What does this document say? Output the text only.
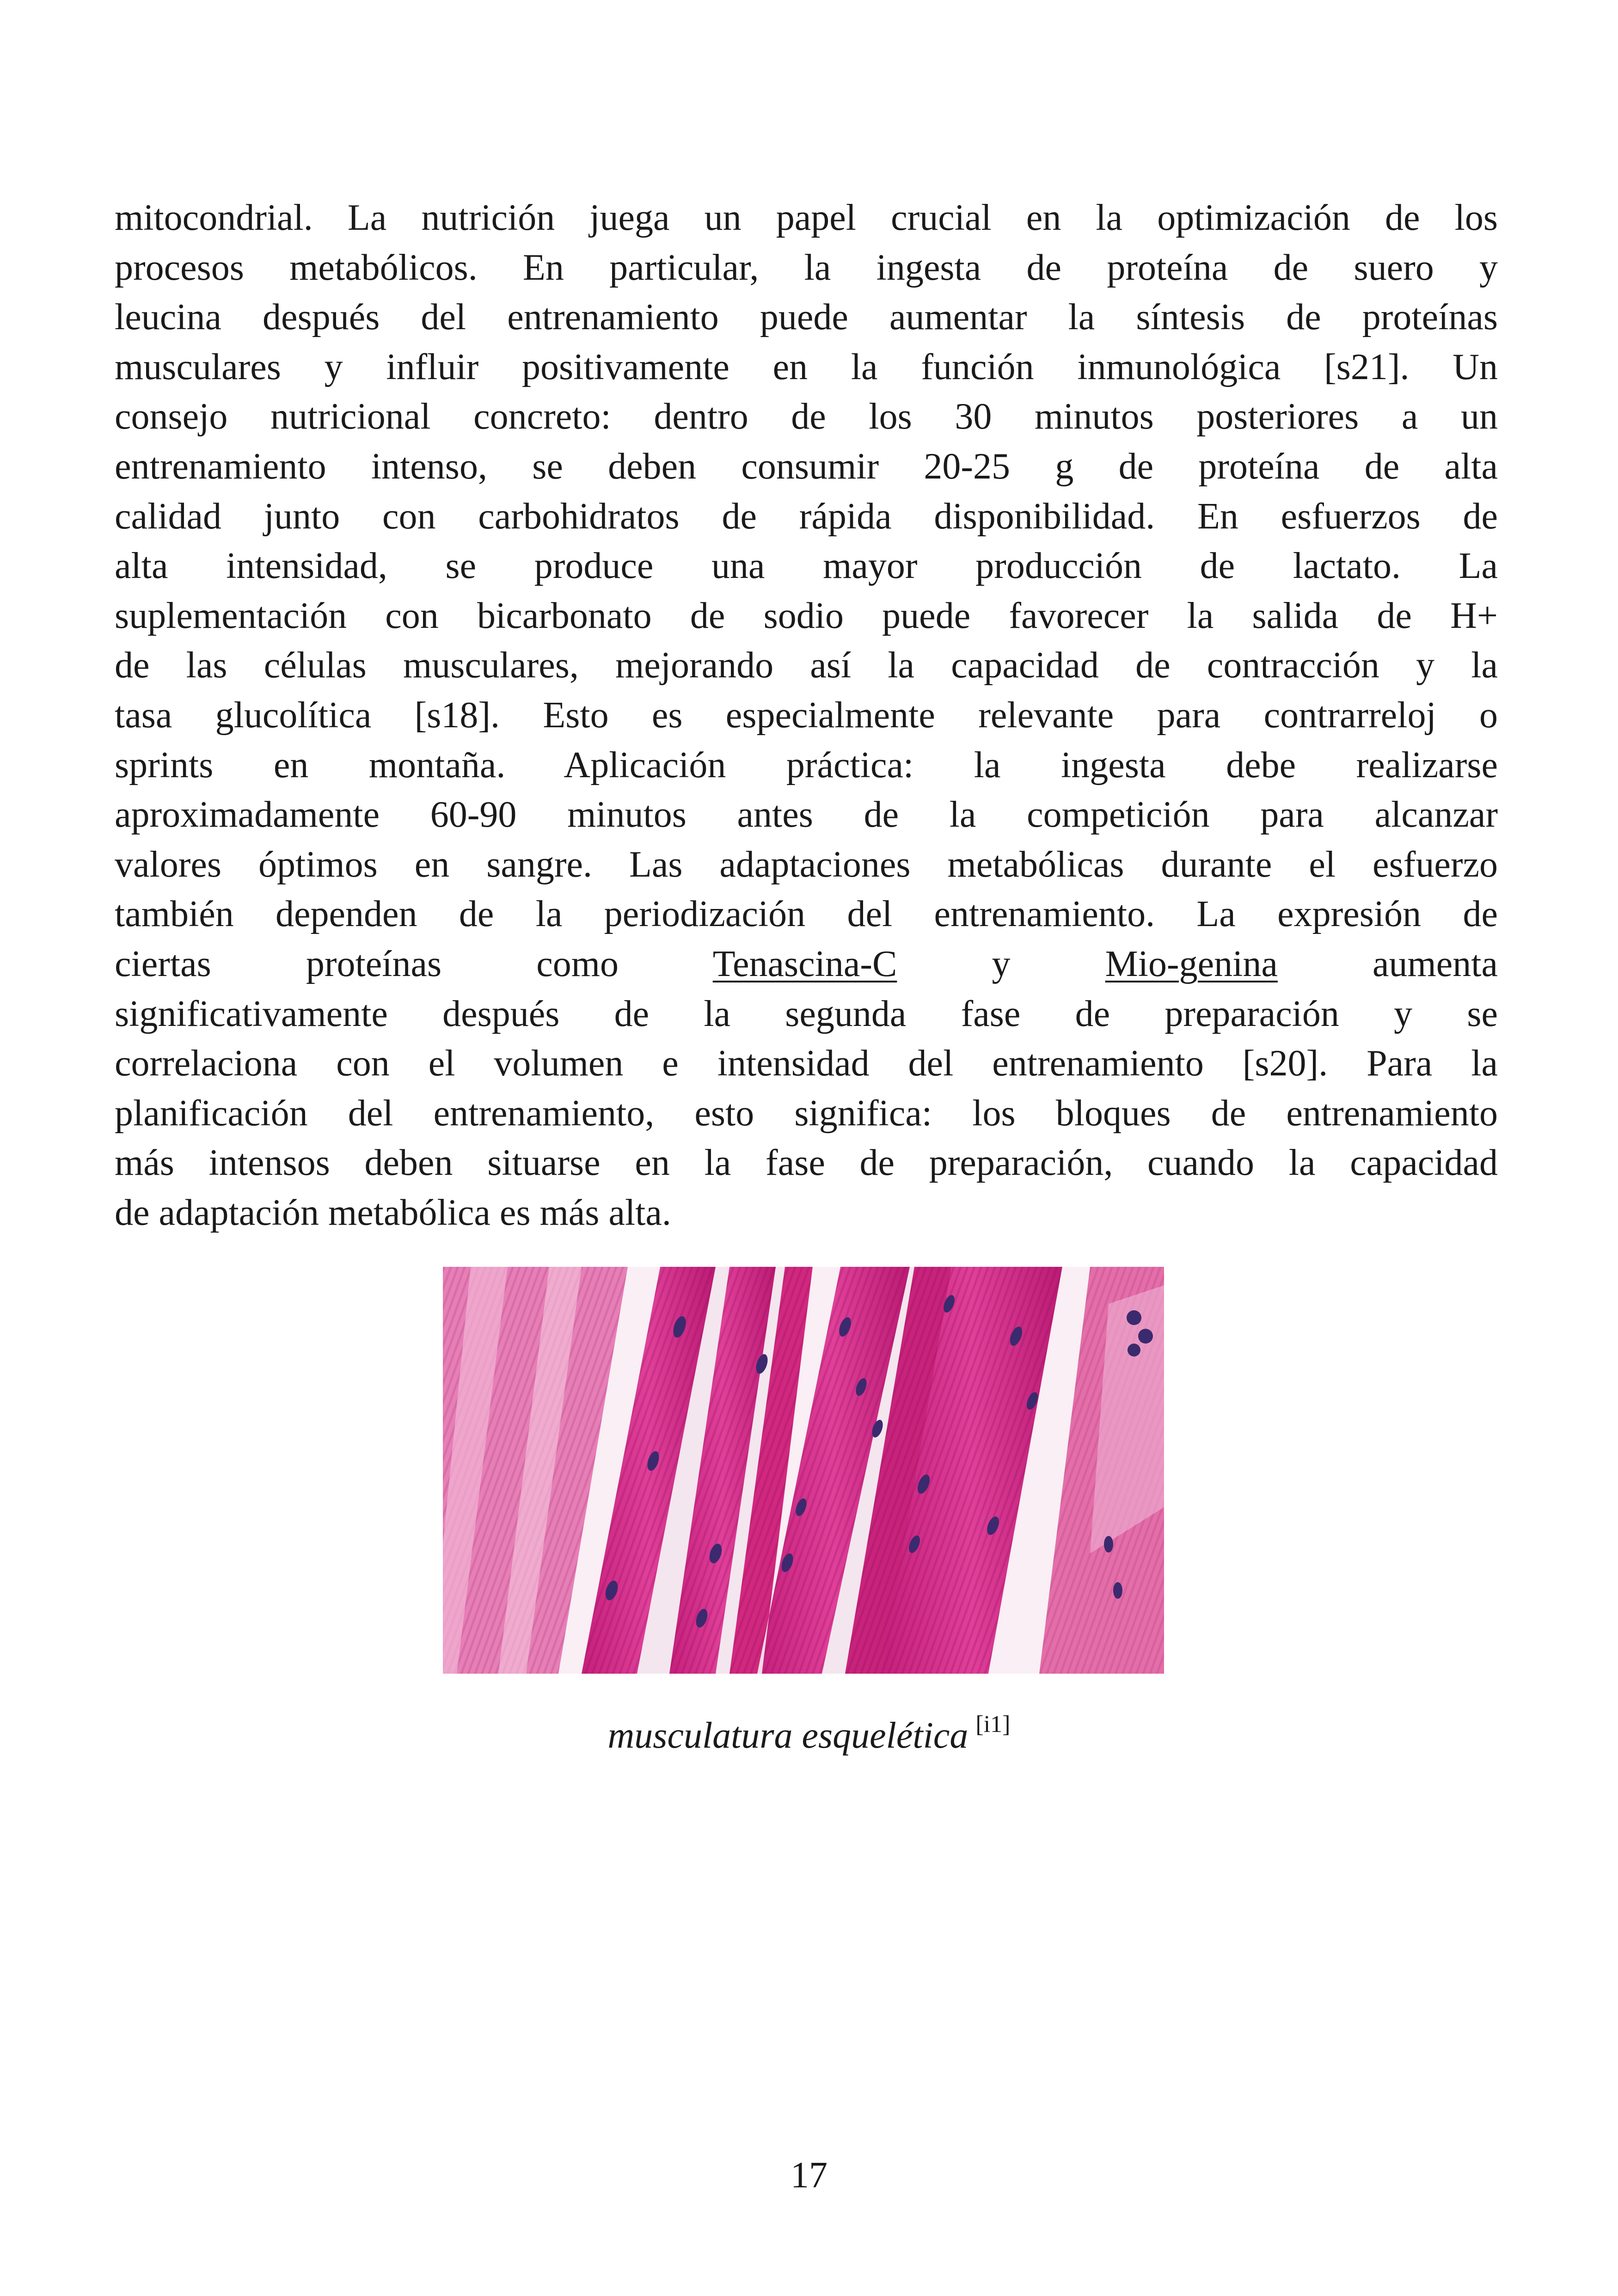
mitocondrial. La nutrición juega un papel crucial en la optimización de los
procesos metabólicos. En particular, la ingesta de proteína de suero y
leucina después del entrenamiento puede aumentar la síntesis de proteínas
musculares y influir positivamente en la función inmunológica [s21]. Un
consejo nutricional concreto: dentro de los 30 minutos posteriores a un
entrenamiento intenso, se deben consumir 20-25 g de proteína de alta
calidad junto con carbohidratos de rápida disponibilidad. En esfuerzos de
alta intensidad, se produce una mayor producción de lactato. La
suplementación con bicarbonato de sodio puede favorecer la salida de H+
de las células musculares, mejorando así la capacidad de contracción y la
tasa glucolítica [s18]. Esto es especialmente relevante para contrarreloj o
sprints en montaña. Aplicación práctica: la ingesta debe realizarse
aproximadamente 60-90 minutos antes de la competición para alcanzar
valores óptimos en sangre. Las adaptaciones metabólicas durante el esfuerzo
también dependen de la periodización del entrenamiento. La expresión de
ciertas	proteínas	como	Tenascina-C	y	Mio-genina	aumenta
significativamente después de la segunda fase de preparación y se
correlaciona con el volumen e intensidad del entrenamiento [s20]. Para la
planificación del entrenamiento, esto significa: los bloques de entrenamiento
más intensos deben situarse en la fase de preparación, cuando la capacidad
de adaptación metabólica es más alta.
musculatura esquelética [i1]
17
